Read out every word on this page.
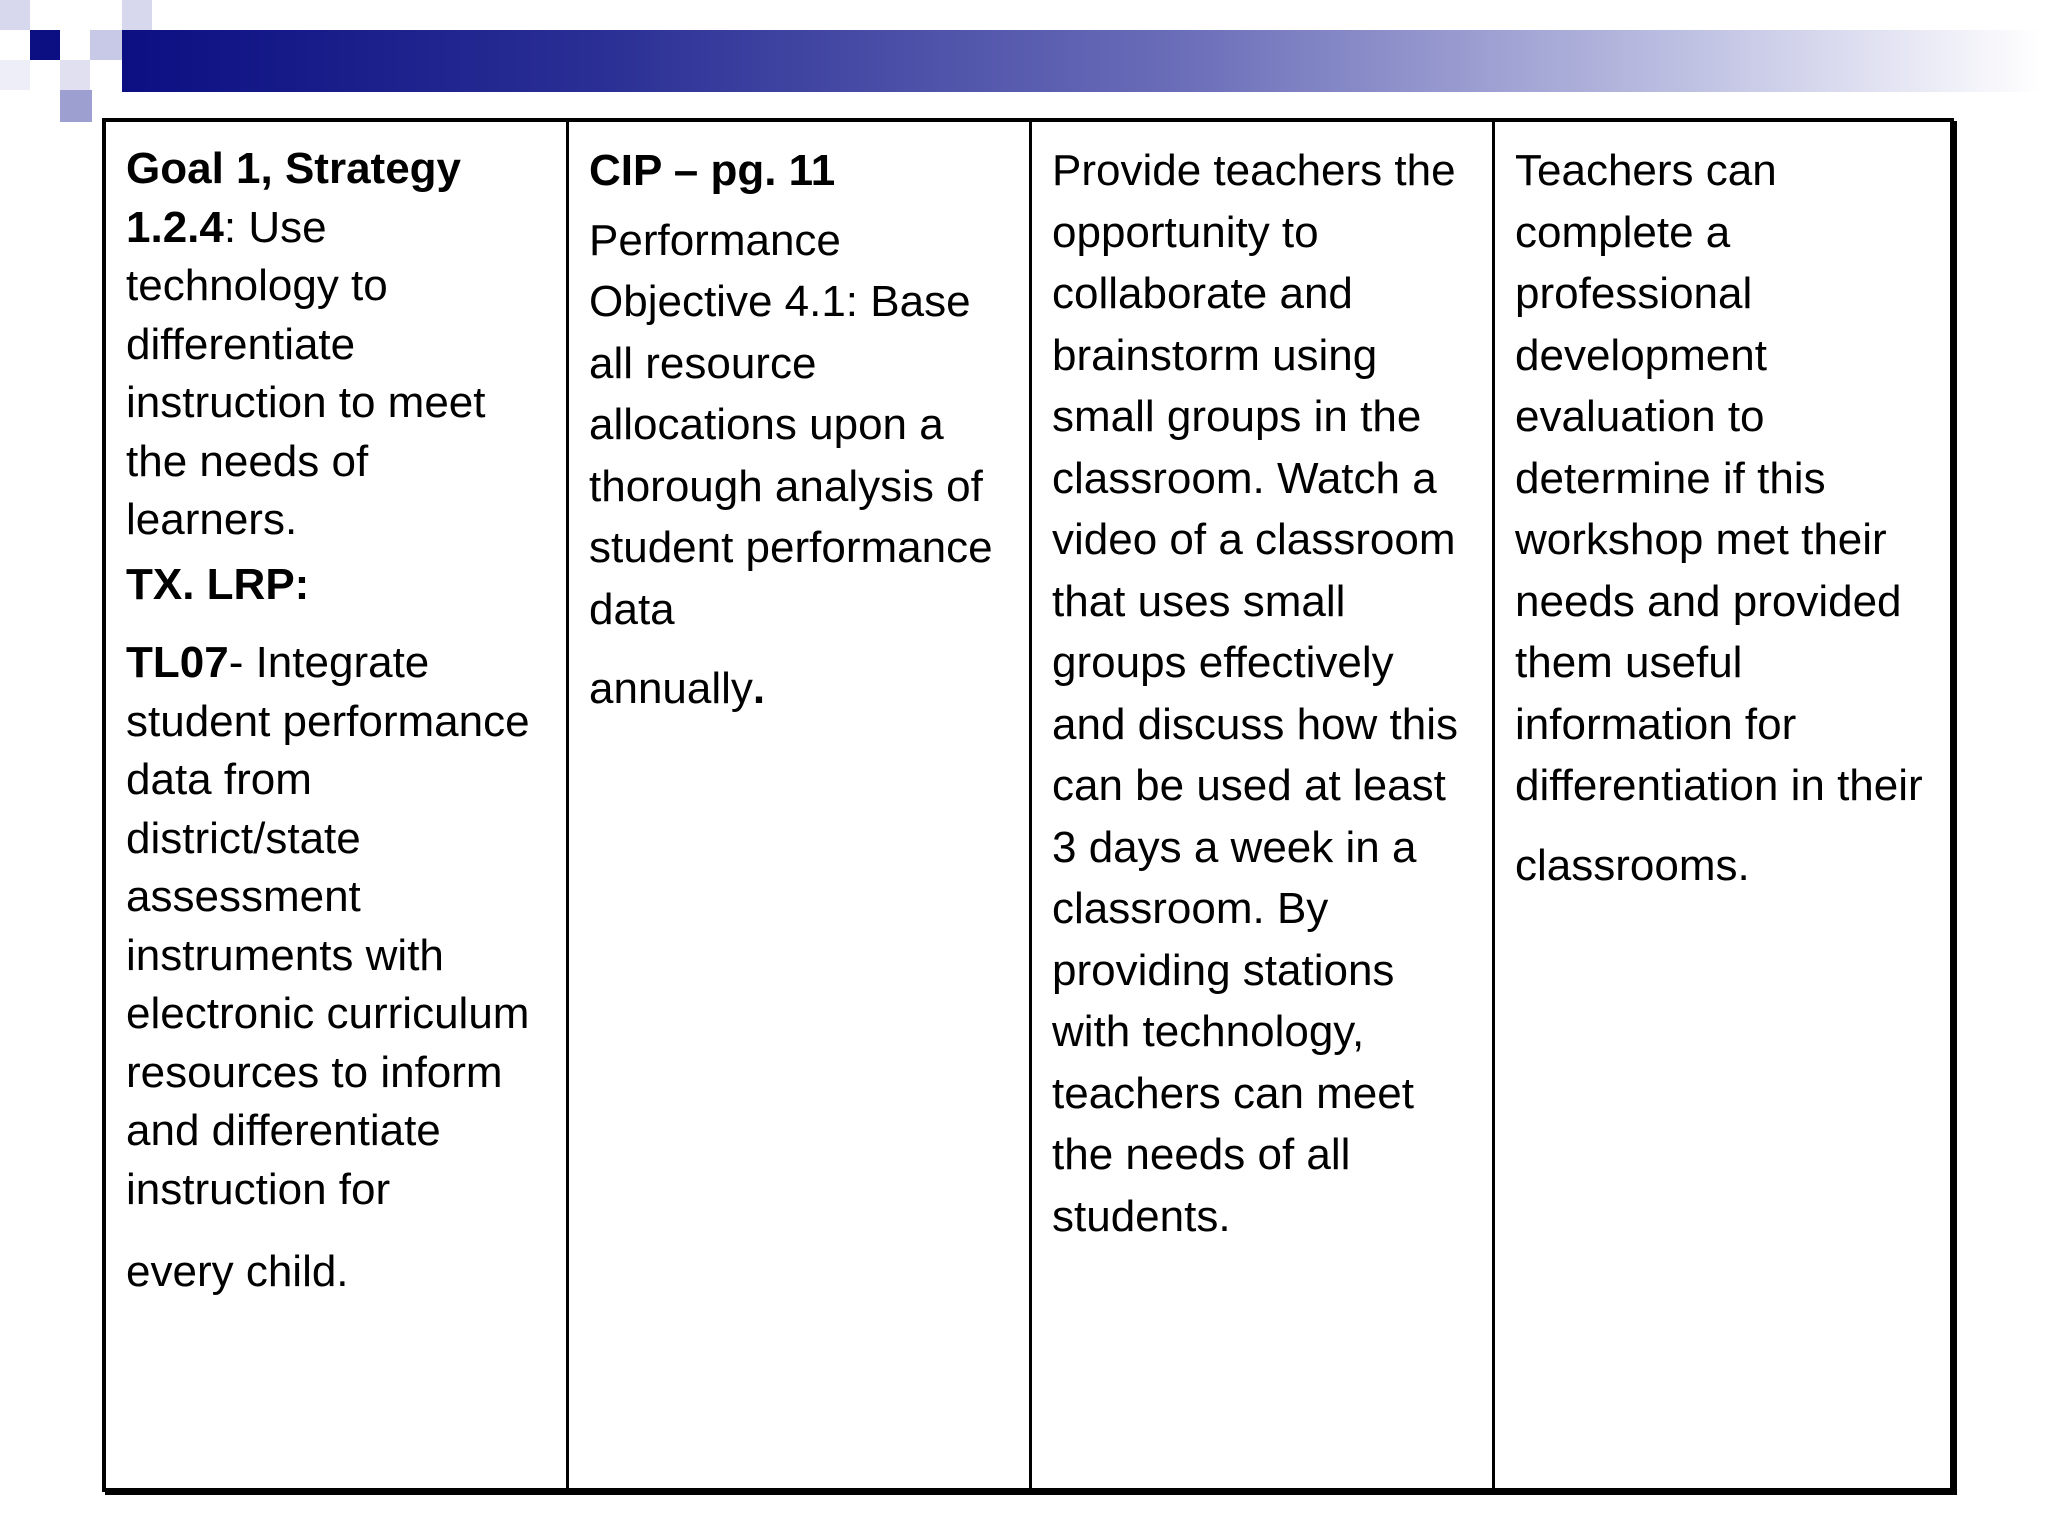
Goal 1, Strategy 1.2.4: Use technology to differentiate instruction to meet the needs of learners.

TX. LRP:

TL07- Integrate student performance data from district/state assessment instruments with electronic curriculum resources to inform and differentiate instruction for

every child.

CIP – pg. 11

Performance Objective 4.1: Base all resource allocations upon a thorough analysis of student performance data

annually.

Provide teachers the opportunity to collaborate and brainstorm using small groups in the classroom. Watch a video of a classroom that uses small groups effectively and discuss how this can be used at least 3 days a week in a classroom. By providing stations with technology, teachers can meet the needs of all students.

Teachers can complete a professional development evaluation to determine if this workshop met their needs and provided them useful information for differentiation in their

classrooms.
